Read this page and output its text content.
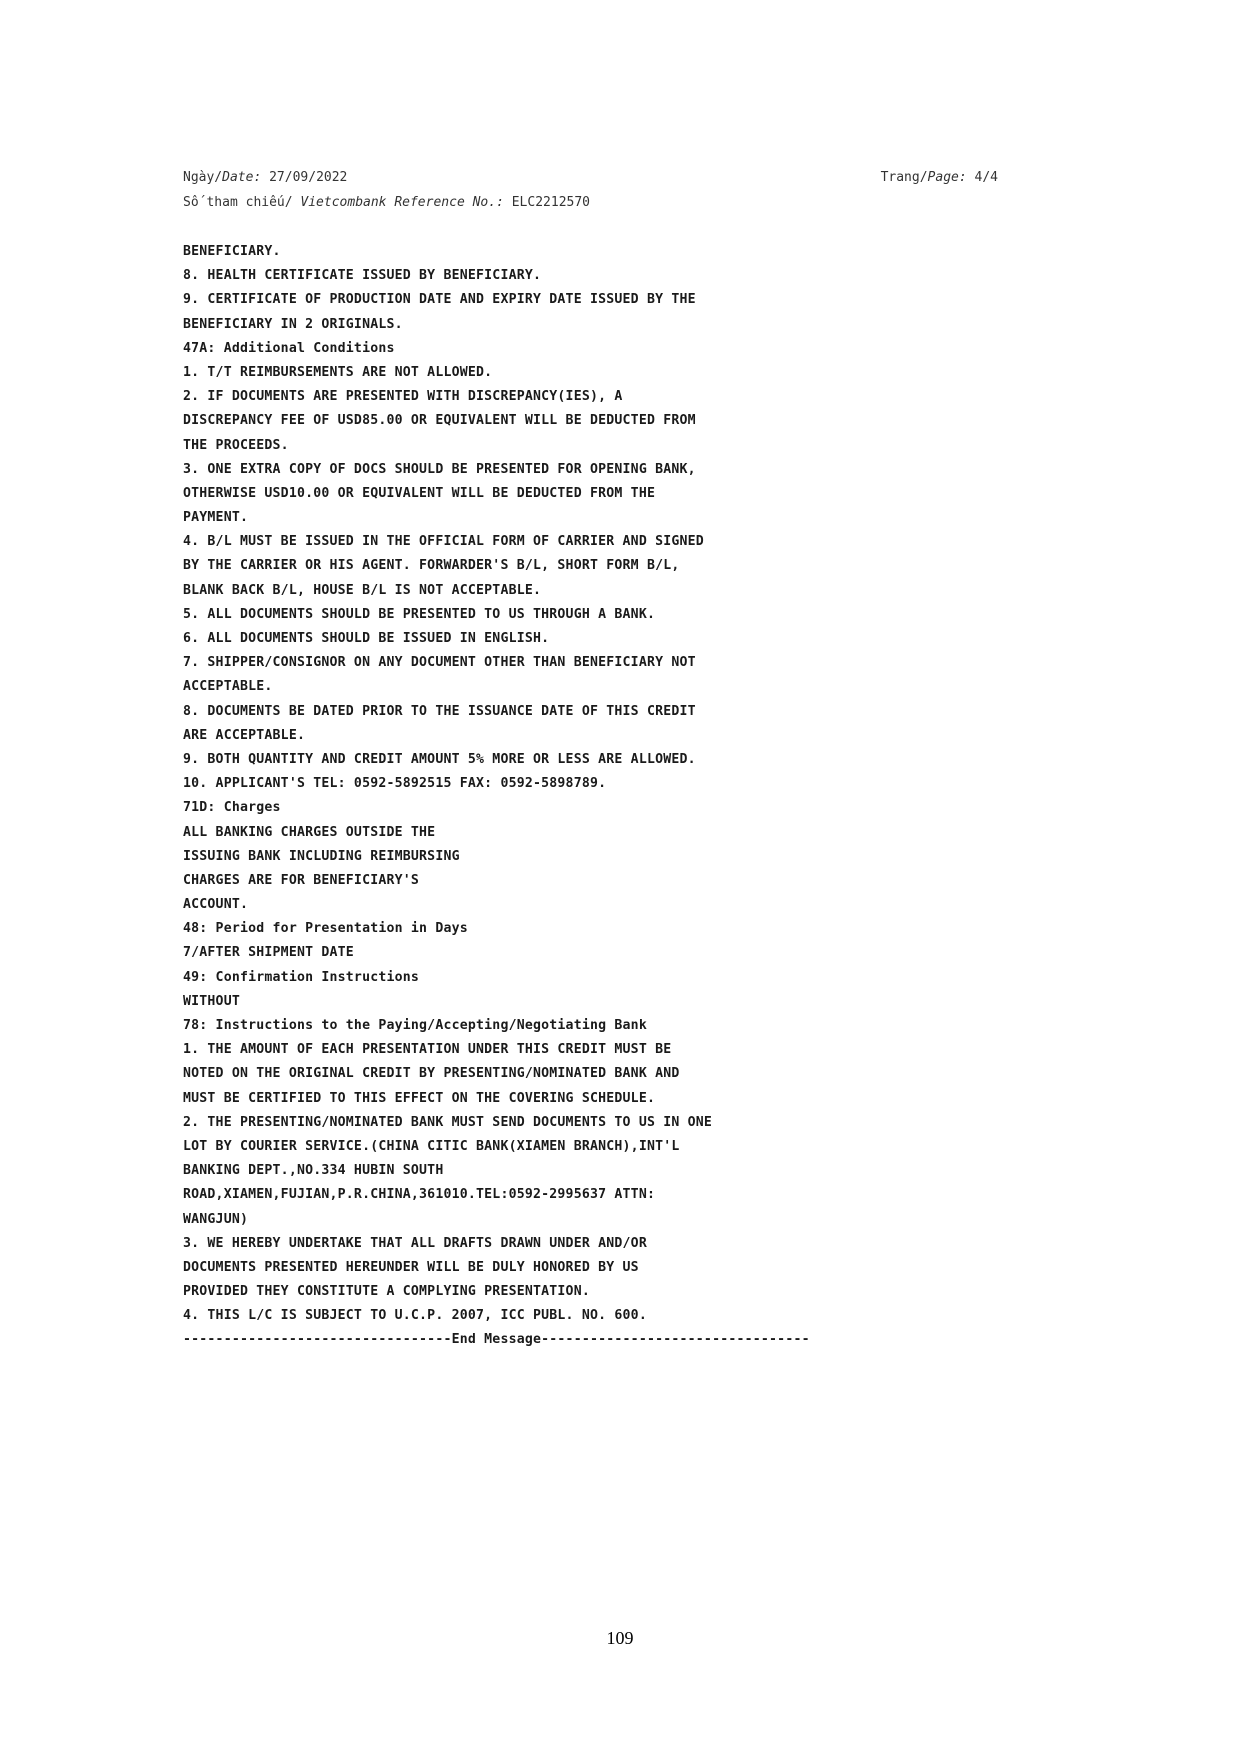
Ngày/Date: 27/09/2022	Trang/Page: 4/4
Số tham chiếu/ Vietcombank Reference No.: ELC2212570
BENEFICIARY.
8. HEALTH CERTIFICATE ISSUED BY BENEFICIARY.
9. CERTIFICATE OF PRODUCTION DATE AND EXPIRY DATE ISSUED BY THE
BENEFICIARY IN 2 ORIGINALS.
47A: Additional Conditions
1. T/T REIMBURSEMENTS ARE NOT ALLOWED.
2. IF DOCUMENTS ARE PRESENTED WITH DISCREPANCY(IES), A
DISCREPANCY FEE OF USD85.00 OR EQUIVALENT WILL BE DEDUCTED FROM
THE PROCEEDS.
3. ONE EXTRA COPY OF DOCS SHOULD BE PRESENTED FOR OPENING BANK,
OTHERWISE USD10.00 OR EQUIVALENT WILL BE DEDUCTED FROM THE
PAYMENT.
4. B/L MUST BE ISSUED IN THE OFFICIAL FORM OF CARRIER AND SIGNED
BY THE CARRIER OR HIS AGENT. FORWARDER'S B/L, SHORT FORM B/L,
BLANK BACK B/L, HOUSE B/L IS NOT ACCEPTABLE.
5. ALL DOCUMENTS SHOULD BE PRESENTED TO US THROUGH A BANK.
6. ALL DOCUMENTS SHOULD BE ISSUED IN ENGLISH.
7. SHIPPER/CONSIGNOR ON ANY DOCUMENT OTHER THAN BENEFICIARY NOT
ACCEPTABLE.
8. DOCUMENTS BE DATED PRIOR TO THE ISSUANCE DATE OF THIS CREDIT
ARE ACCEPTABLE.
9. BOTH QUANTITY AND CREDIT AMOUNT 5% MORE OR LESS ARE ALLOWED.
10. APPLICANT'S TEL: 0592-5892515 FAX: 0592-5898789.
71D: Charges
ALL BANKING CHARGES OUTSIDE THE
ISSUING BANK INCLUDING REIMBURSING
CHARGES ARE FOR BENEFICIARY'S
ACCOUNT.
48: Period for Presentation in Days
7/AFTER SHIPMENT DATE
49: Confirmation Instructions
WITHOUT
78: Instructions to the Paying/Accepting/Negotiating Bank
1. THE AMOUNT OF EACH PRESENTATION UNDER THIS CREDIT MUST BE
NOTED ON THE ORIGINAL CREDIT BY PRESENTING/NOMINATED BANK AND
MUST BE CERTIFIED TO THIS EFFECT ON THE COVERING SCHEDULE.
2. THE PRESENTING/NOMINATED BANK MUST SEND DOCUMENTS TO US IN ONE
LOT BY COURIER SERVICE.(CHINA CITIC BANK(XIAMEN BRANCH),INT'L
BANKING DEPT.,NO.334 HUBIN SOUTH
ROAD,XIAMEN,FUJIAN,P.R.CHINA,361010.TEL:0592-2995637 ATTN:
WANGJUN)
3. WE HEREBY UNDERTAKE THAT ALL DRAFTS DRAWN UNDER AND/OR
DOCUMENTS PRESENTED HEREUNDER WILL BE DULY HONORED BY US
PROVIDED THEY CONSTITUTE A COMPLYING PRESENTATION.
4. THIS L/C IS SUBJECT TO U.C.P. 2007, ICC PUBL. NO. 600.
---------------------------------End Message---------------------------------
109
